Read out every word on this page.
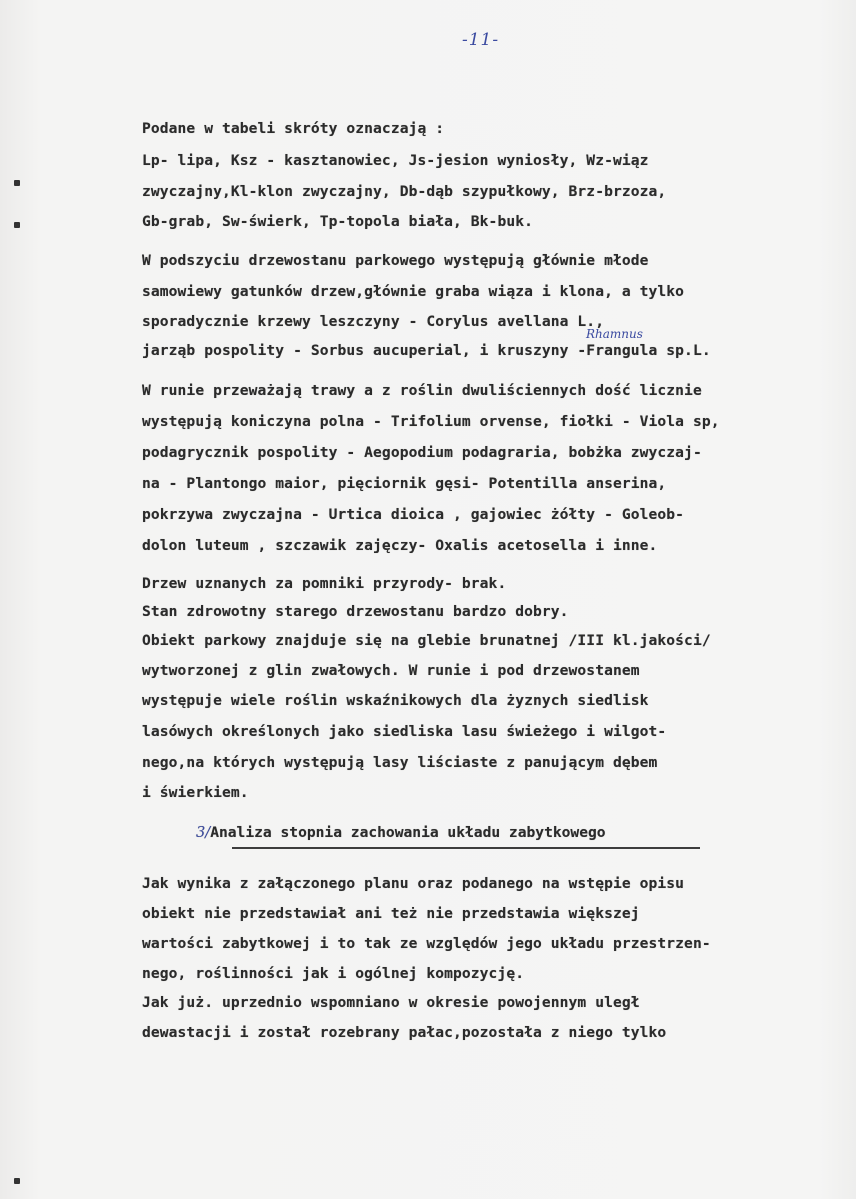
-11-
Podane w tabeli skróty oznaczają :
Lp- lipa, Ksz - kasztanowiec, Js-jesion wyniosły, Wz-wiąz
zwyczajny,Kl-klon zwyczajny, Db-dąb szypułkowy, Brz-brzoza,
Gb-grab, Sw-świerk, Tp-topola biała, Bk-buk.
W podszyciu drzewostanu parkowego występują głównie młode
samowiewy gatunków drzew,głównie graba wiąza i klona, a tylko
sporadycznie krzewy leszczyny - Corylus avellana L.,
Rhamnus
jarząb pospolity - Sorbus aucuperial, i kruszyny -Frangula sp.L.
W runie przeważają trawy a z roślin dwuliściennych dość licznie
występują koniczyna polna - Trifolium orvense, fiołki - Viola sp,
podagrycznik pospolity - Aegopodium podagraria, bobżka zwyczaj-
na - Plantongo maior, pięciornik gęsi- Potentilla anserina,
pokrzywa zwyczajna - Urtica dioica , gajowiec żółty - Goleob-
dolon luteum , szczawik zajęczy- Oxalis acetosella i inne.
Drzew uznanych za pomniki przyrody- brak.
Stan zdrowotny starego drzewostanu bardzo dobry.
Obiekt parkowy znajduje się na glebie brunatnej /III kl.jakości/
wytworzonej z glin zwałowych. W runie i pod drzewostanem
występuje wiele roślin wskaźnikowych dla żyznych siedlisk
lasówych określonych jako siedliska lasu świeżego i wilgot-
nego,na których występują lasy liściaste z panującym dębem
i świerkiem.
3/Analiza stopnia zachowania układu zabytkowego
Jak wynika z załączonego planu oraz podanego na wstępie opisu
obiekt nie przedstawiał ani też nie przedstawia większej
wartości zabytkowej i to tak ze względów jego układu przestrzen-
nego, roślinności jak i ogólnej kompozycję.
Jak już. uprzednio wspomniano w okresie powojennym uległ
dewastacji i został rozebrany pałac,pozostała z niego tylko
